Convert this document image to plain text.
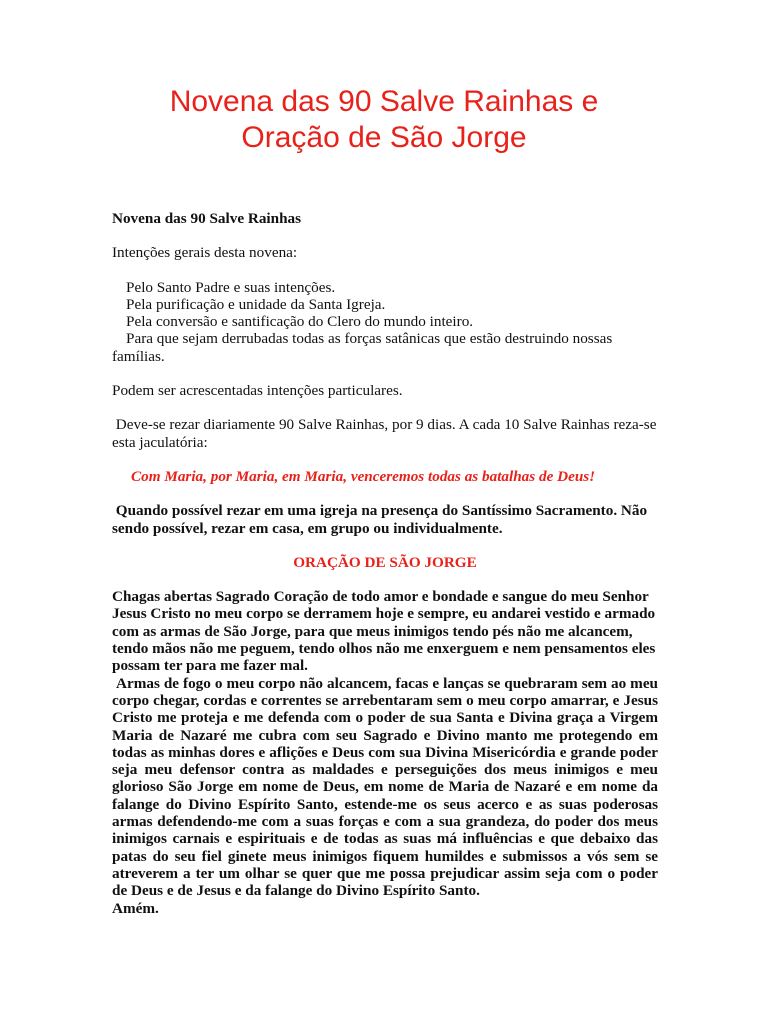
Novena das 90 Salve Rainhas e
Oração de São Jorge

Novena das 90 Salve Rainhas

Intenções gerais desta novena:

Pelo Santo Padre e suas intenções.

Pela purificação e unidade da Santa Igreja.

Pela conversão e santificação do Clero do mundo inteiro.

Para que sejam derrubadas todas as forças satânicas que estão destruindo nossas famílias.

Podem ser acrescentadas intenções particulares.

Deve-se rezar diariamente 90 Salve Rainhas, por 9 dias. A cada 10 Salve Rainhas reza-se esta jaculatória:

Com Maria, por Maria, em Maria, venceremos todas as batalhas de Deus!

Quando possível rezar em uma igreja na presença do Santíssimo Sacramento. Não sendo possível, rezar em casa, em grupo ou individualmente.

ORAÇÃO DE SÃO JORGE

Chagas abertas Sagrado Coração de todo amor e bondade e sangue do meu Senhor Jesus Cristo no meu corpo se derramem hoje e sempre, eu andarei vestido e armado com as armas de São Jorge, para que meus inimigos tendo pés não me alcancem, tendo mãos não me peguem, tendo olhos não me enxerguem e nem pensamentos eles possam ter para me fazer mal.

Armas de fogo o meu corpo não alcancem, facas e lanças se quebraram sem ao meu corpo chegar, cordas e correntes se arrebentaram sem o meu corpo amarrar, e Jesus Cristo me proteja e me defenda com o poder de sua Santa e Divina graça a Virgem Maria de Nazaré me cubra com seu Sagrado e Divino manto me protegendo em todas as minhas dores e aflições e Deus com sua Divina Misericórdia e grande poder seja meu defensor contra as maldades e perseguições dos meus inimigos e meu glorioso São Jorge em nome de Deus, em nome de Maria de Nazaré e em nome da falange do Divino Espírito Santo, estende-me os seus acerco e as suas poderosas armas defendendo-me com a suas forças e com a sua grandeza, do poder dos meus inimigos carnais e espirituais e de todas as suas má influências e que debaixo das patas do seu fiel ginete meus inimigos fiquem humildes e submissos a vós sem se atreverem a ter um olhar se quer que me possa prejudicar assim seja com o poder de Deus e de Jesus e da falange do Divino Espírito Santo.

Amém.
